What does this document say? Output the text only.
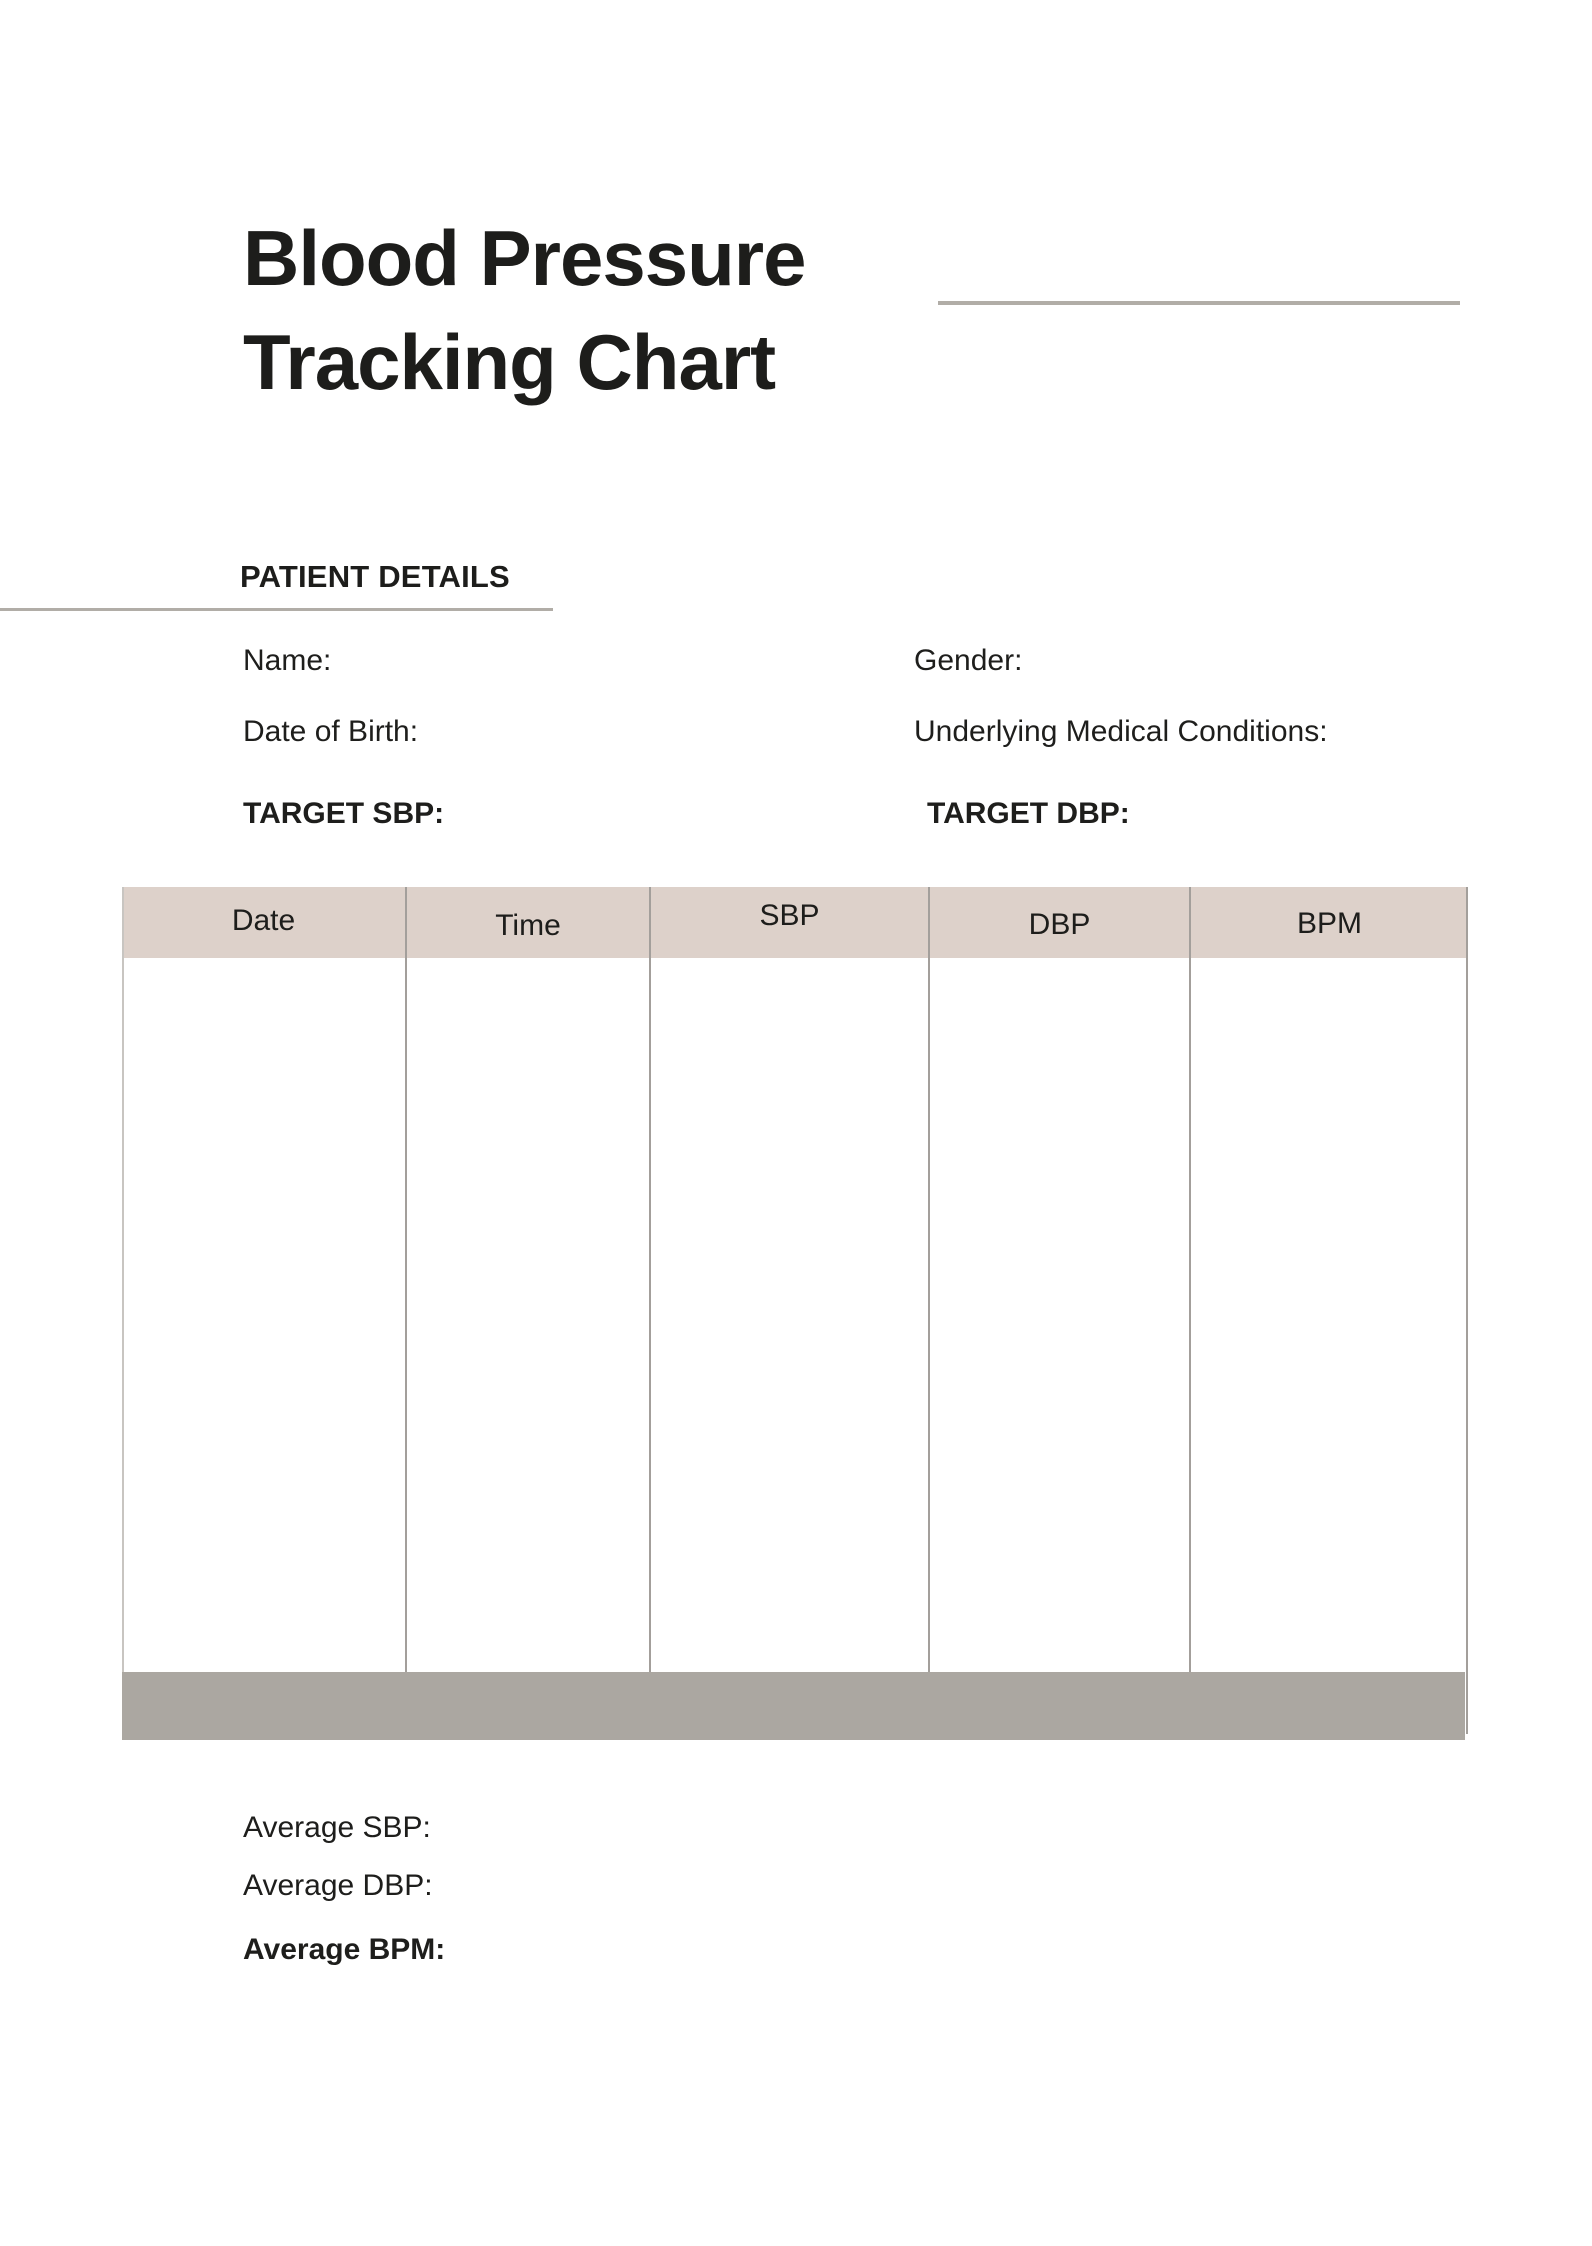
Blood Pressure
Tracking Chart
PATIENT DETAILS
Name:	Gender:
Date of Birth:	Underlying Medical Conditions:
TARGET SBP:	TARGET DBP:
Date	Time	SBP	DBP	BPM
Average SBP:
Average DBP:
Average BPM:
